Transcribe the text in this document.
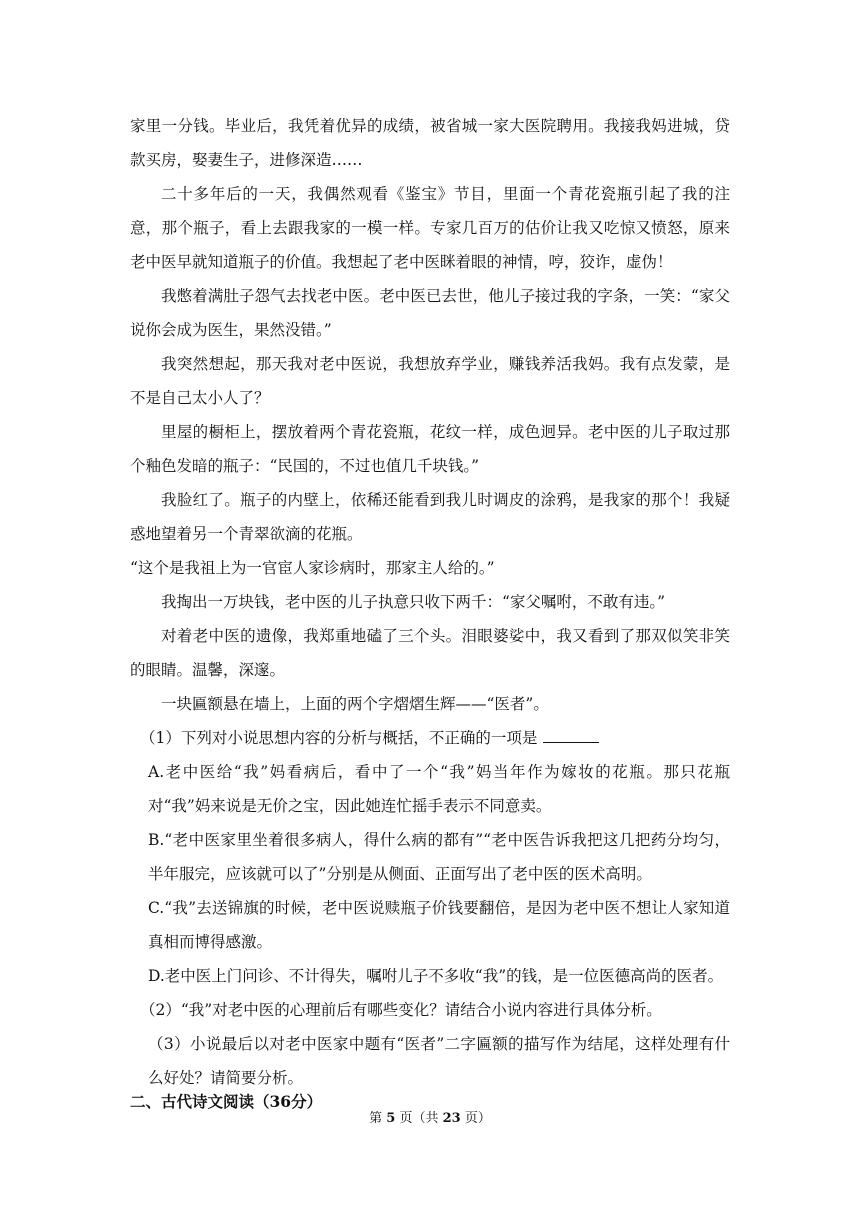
家里一分钱。毕业后，我凭着优异的成绩，被省城一家大医院聘用。我接我妈进城，贷款买房，娶妻生子，进修深造……

二十多年后的一天，我偶然观看《鉴宝》节目，里面一个青花瓷瓶引起了我的注意，那个瓶子，看上去跟我家的一模一样。专家几百万的估价让我又吃惊又愤怒，原来老中医早就知道瓶子的价值。我想起了老中医眯着眼的神情，哼，狡诈，虚伪！

我憋着满肚子怨气去找老中医。老中医已去世，他儿子接过我的字条，一笑：“家父说你会成为医生，果然没错。”

我突然想起，那天我对老中医说，我想放弃学业，赚钱养活我妈。我有点发蒙，是不是自己太小人了？

里屋的橱柜上，摆放着两个青花瓷瓶，花纹一样，成色迥异。老中医的儿子取过那个釉色发暗的瓶子：“民国的，不过也值几千块钱。”

我脸红了。瓶子的内壁上，依稀还能看到我儿时调皮的涂鸦，是我家的那个！我疑惑地望着另一个青翠欲滴的花瓶。

“这个是我祖上为一官宦人家诊病时，那家主人给的。”

我掏出一万块钱，老中医的儿子执意只收下两千：“家父嘱咐，不敢有违。”

对着老中医的遗像，我郑重地磕了三个头。泪眼婆娑中，我又看到了那双似笑非笑的眼睛。温馨，深邃。

一块匾额悬在墙上，上面的两个字熠熠生辉——“医者”。

（1）下列对小说思想内容的分析与概括，不正确的一项是

A.老中医给“我”妈看病后，看中了一个“我”妈当年作为嫁妆的花瓶。那只花瓶对“我”妈来说是无价之宝，因此她连忙摇手表示不同意卖。

B.“老中医家里坐着很多病人，得什么病的都有”“老中医告诉我把这几把药分均匀，半年服完，应该就可以了”分别是从侧面、正面写出了老中医的医术高明。

C.“我”去送锦旗的时候，老中医说赎瓶子价钱要翻倍，是因为老中医不想让人家知道真相而博得感激。

D.老中医上门问诊、不计得失，嘱咐儿子不多收“我”的钱，是一位医德高尚的医者。

（2）“我”对老中医的心理前后有哪些变化？请结合小说内容进行具体分析。

（3）小说最后以对老中医家中题有“医者”二字匾额的描写作为结尾，这样处理有什么好处？请简要分析。

二、古代诗文阅读（36分）
第 5 页（共 23 页）
